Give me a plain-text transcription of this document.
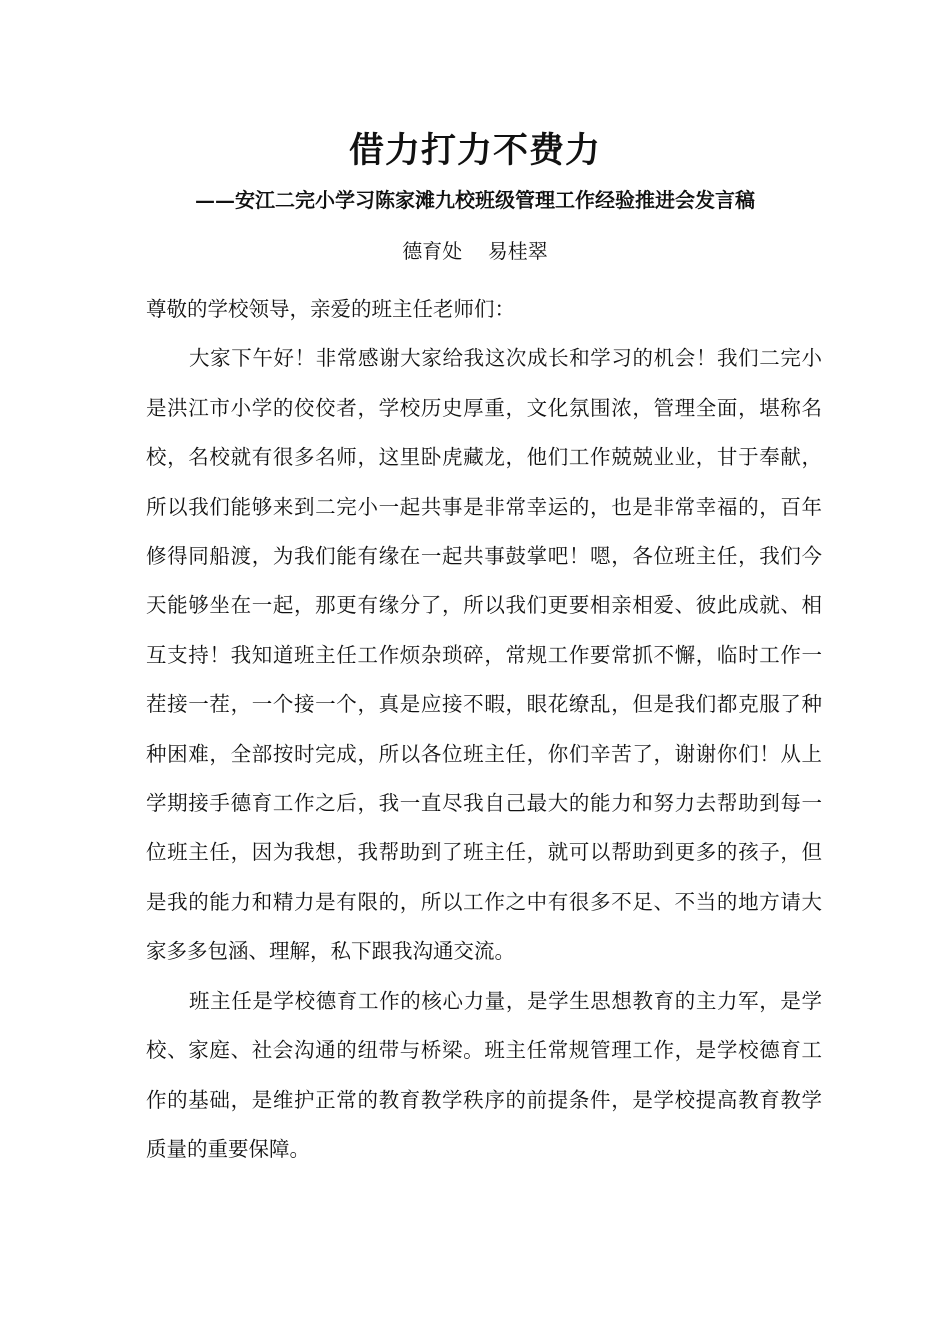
借力打力不费力
——安江二完小学习陈家滩九校班级管理工作经验推进会发言稿
德育处 易桂翠

尊敬的学校领导，亲爱的班主任老师们：

大家下午好！非常感谢大家给我这次成长和学习的机会！我们二完小是洪江市小学的佼佼者，学校历史厚重，文化氛围浓，管理全面，堪称名校，名校就有很多名师，这里卧虎藏龙，他们工作兢兢业业，甘于奉献，所以我们能够来到二完小一起共事是非常幸运的，也是非常幸福的，百年修得同船渡，为我们能有缘在一起共事鼓掌吧！嗯，各位班主任，我们今天能够坐在一起，那更有缘分了，所以我们更要相亲相爱、彼此成就、相互支持！我知道班主任工作烦杂琐碎，常规工作要常抓不懈，临时工作一茬接一茬，一个接一个，真是应接不暇，眼花缭乱，但是我们都克服了种种困难，全部按时完成，所以各位班主任，你们辛苦了，谢谢你们！从上学期接手德育工作之后，我一直尽我自己最大的能力和努力去帮助到每一位班主任，因为我想，我帮助到了班主任，就可以帮助到更多的孩子，但是我的能力和精力是有限的，所以工作之中有很多不足、不当的地方请大家多多包涵、理解，私下跟我沟通交流。

班主任是学校德育工作的核心力量，是学生思想教育的主力军，是学校、家庭、社会沟通的纽带与桥梁。班主任常规管理工作，是学校德育工作的基础，是维护正常的教育教学秩序的前提条件，是学校提高教育教学质量的重要保障。
